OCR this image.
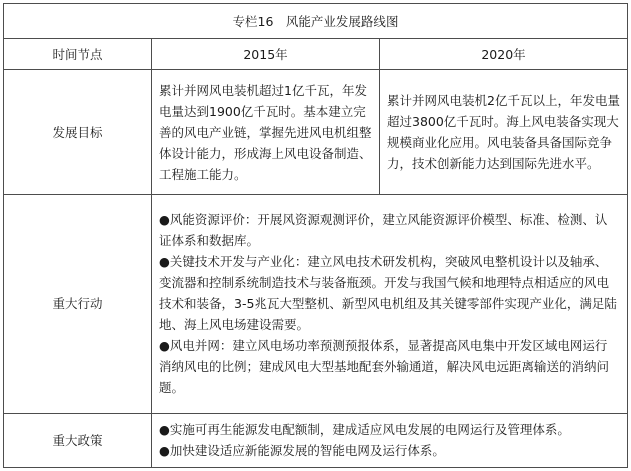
专栏16　风能产业发展路线图		
时间节点	2015年	2020年
发展目标	累计并网风电装机超过1亿千瓦，年发电量达到1900亿千瓦时。基本建立完善的风电产业链，掌握先进风电机组整体设计能力，形成海上风电设备制造、工程施工能力。	累计并网风电装机2亿千瓦以上，年发电量超过3800亿千瓦时。海上风电装备实现大规模商业化应用。风电装备具备国际竞争力，技术创新能力达到国际先进水平。
重大行动	●风能资源评价：开展风资源观测评价，建立风能资源评价模型、标准、检测、认证体系和数据库。

●关键技术开发与产业化：建立风电技术研发机构，突破风电整机设计以及轴承、变流器和控制系统制造技术与装备瓶颈。开发与我国气候和地理特点相适应的风电技术和装备，3-5兆瓦大型整机、新型风电机组及其关键零部件实现产业化，满足陆地、海上风电场建设需要。

●风电并网：建立风电场功率预测预报体系，显著提高风电集中开发区域电网运行消纳风电的比例；建成风电大型基地配套外输通道，解决风电远距离输送的消纳问题。	

重大政策	●实施可再生能源发电配额制，建成适应风电发展的电网运行及管理体系。

●加快建设适应新能源发展的智能电网及运行体系。	
